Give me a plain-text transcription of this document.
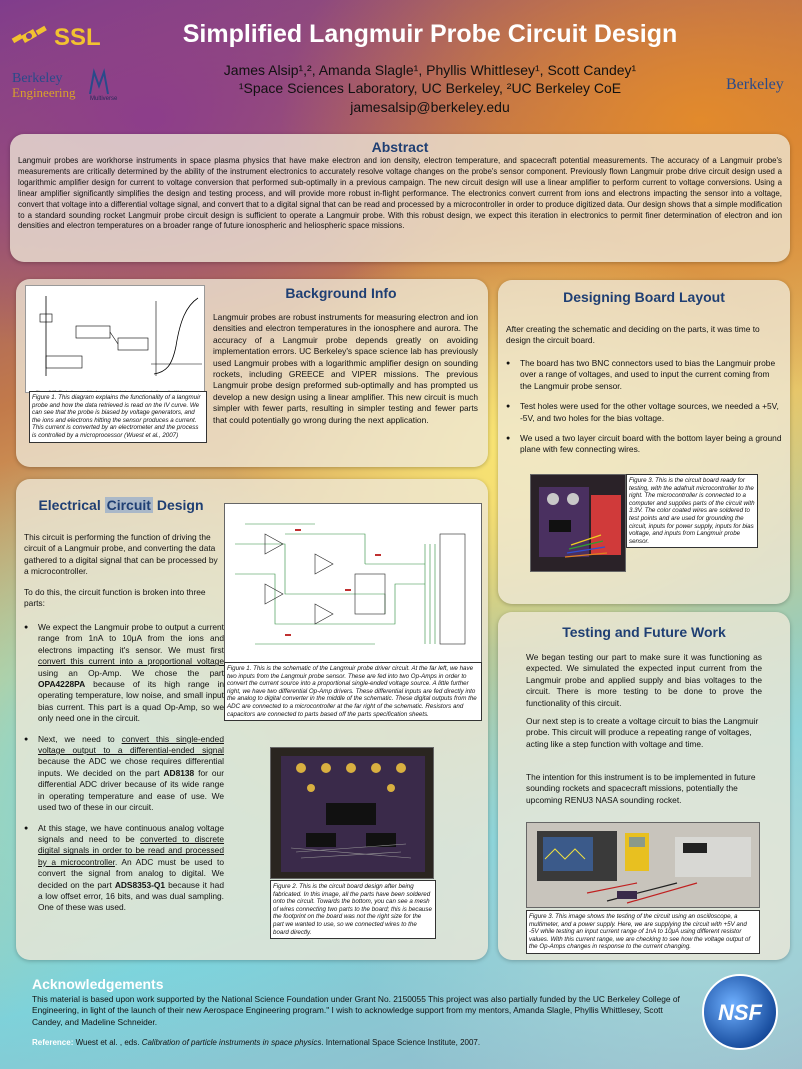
SSL
Berkeley
Engineering	Multiverse
Berkeley
Simplified Langmuir Probe Circuit Design
James Alsip¹,², Amanda Slagle¹, Phyllis Whittlesey¹, Scott Candey¹
¹Space Sciences Laboratory, UC Berkeley, ²UC Berkeley CoE
jamesalsip@berkeley.edu
Abstract
Langmuir probes are workhorse instruments in space plasma physics that have make electron and ion density, electron temperature, and spacecraft potential measurements. The accuracy of a Langmuir probe's measurements are critically determined by the ability of the instrument electronics to accurately resolve voltage changes on the probe's sensor component. Previously flown Langmuir probe drive circuit design used a logarithmic amplifier design for current to voltage conversion that performed sub-optimally in a previous campaign. The new circuit design will use a linear amplifier to perform current to voltage conversions. Using a linear amplifier significantly simplifies the design and testing process, and will provide more robust in-flight performance. The electronics convert current from ions and electrons impacting the sensor into a voltage, convert that voltage into a differential voltage signal, and convert that to a digital signal that can be read and processed by a microcontroller in order to produce digitized data. Our design shows that a simple modification to a standard sounding rocket Langmuir probe circuit design is sufficient to operate a Langmuir probe. With this robust design, we expect this iteration in electronics to permit finer determination of electron and ion densities and electron temperatures on a broader range of future ionospheric and heliospheric space missions.
Background Info
Langmuir probes are robust instruments for measuring electron and ion densities and electron temperatures in the ionosphere and aurora. The accuracy of a Langmuir probe depends greatly on avoiding implementation errors. UC Berkeley's space science lab has previously used Langmuir probes with a logarithmic amplifier design on sounding rockets, including GREECE and VIPER missions. The previous Langmuir probe design preformed sub-optimally and has prompted us develop a new design using a linear amplifier. This new circuit is much simpler with fewer parts, resulting in simpler testing and fewer parts that could potentially go wrong during the next application.
Figure 1. This diagram explains the functionality of a langmuir probe and how the data retrieved is read on the IV curve. We can see that the probe is biased by voltage generators, and the ions and electrons hitting the sensor produces a current. This current is converted by an electrometer and the process is controlled by a microprocessor (Wuest et al., 2007)
Electrical Circuit Design
This circuit is performing the function of driving the circuit of a Langmuir probe, and converting the data gathered to a digital signal that can be processed by a microcontroller.
To do this, the circuit function is broken into three parts:
● We expect the Langmuir probe to output a current range from 1nA to 10μA from the ions and electrons impacting it's sensor. We must first convert this current into a proportional voltage using an Op-Amp. We chose the part OPA4228PA because of its high range in operating temperature, low noise, and small input bias current. This part is a quad Op-Amp, so we only need one in the circuit.
● Next, we need to convert this single-ended voltage output to a differential-ended signal because the ADC we chose requires differential inputs. We decided on the part AD8138 for our differential ADC driver because of its wide range in operating temperature and ease of use. We used two of these in our circuit.
● At this stage, we have continuous analog voltage signals and need to be converted to discrete digital signals in order to be read and processed by a microcontroller. An ADC must be used to convert the signal from analog to digital. We decided on the part ADS8353-Q1 because it had a low offset error, 16 bits, and was dual sampling. One of these was used.
Figure 1. This is the schematic of the Langmuir probe driver circuit. At the far left, we have two inputs from the Langmuir probe sensor. These are fed into two Op-Amps in order to convert the current source into a proportional single-ended voltage source. A little further right, we have two differential Op-Amp drivers. These differential inputs are fed directly into the analog to digital converter in the middle of the schematic. These digital outputs from the ADC are connected to a microcontroller at the far right of the schematic. Resistors and capacitors are connected to parts based off the parts specification sheets.
Figure 2. This is the circuit board design after being fabricated. In this image, all the parts have been soldered onto the circuit. Towards the bottom, you can see a mesh of wires connecting two parts to the board; this is because the footprint on the board was not the right size for the part we wanted to use, so we connected wires to the board directly.
Designing Board Layout
After creating the schematic and deciding on the parts, it was time to design the circuit board.
● The board has two BNC connectors used to bias the Langmuir probe over a range of voltages, and used to input the current coming from the Langmuir probe sensor.
● Test holes were used for the other voltage sources, we needed a +5V, -5V, and two holes for the bias voltage.
● We used a two layer circuit board with the bottom layer being a ground plane with few connecting wires.
Figure 3. This is the circuit board ready for testing, with the adafruit microcontroller to the right. The microcontroller is connected to a computer and supplies parts of the circuit with 3.3V. The color coated wires are soldered to test points and are used for grounding the circuit, inputs for power supply, inputs for bias voltage, and inputs from Langmuir probe sensor.
Testing and Future Work
We began testing our part to make sure it was functioning as expected. We simulated the expected input current from the Langmuir probe and applied supply and bias voltages to the circuit. There is more testing to be done to prove the functionality of this circuit.
Our next step is to create a voltage circuit to bias the Langmuir probe. This circuit will produce a repeating range of voltages, acting like a step function with voltage and time.
The intention for this instrument is to be implemented in future sounding rockets and spacecraft missions, potentially the upcoming RENU3 NASA sounding rocket.
Figure 3. This image shows the testing of the circuit using an oscilloscope, a multimeter, and a power supply. Here, we are supplying the circuit with +5V and -5V while testing an input current range of 1nA to 10μA using different resistor values. With this current range, we are checking to see how the voltage output of the Op-Amps changes in response to the current changing.
Acknowledgements
This material is based upon work supported by the National Science Foundation under Grant No. 2150055 This project was also partially funded by the UC Berkeley College of Engineering, in light of the launch of their new Aerospace Engineering program." I wish to acknowledge support from my mentors, Amanda Slagle, Phyllis Whittlesey, Scott Candey, and Madeline Schneider.
Reference: Wuest et al. , eds. Calibration of particle instruments in space physics. International Space Science Institute, 2007.
NSF
